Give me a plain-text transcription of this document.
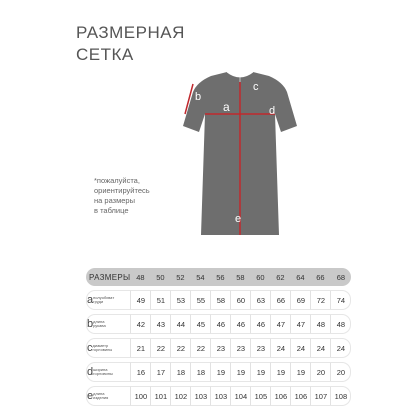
РАЗМЕРНАЯ
СЕТКА
a
b
c
d
e
*пожалуйста,
ориентируйтесь
на размеры
в таблице
РАЗМЕРЫ	48	50	52	54	56	58	60	62	64	66	68
aполуобхват груди	49	51	53	55	58	60	63	66	69	72	74
bдлина рукава	42	43	44	45	46	46	46	47	47	48	48
cдиаметр горловины	21	22	22	22	23	23	23	24	24	24	24
dширина горловины	16	17	18	18	19	19	19	19	19	20	20
eдлина изделия	100	101	102	103	103	104	105	106	106	107	108
